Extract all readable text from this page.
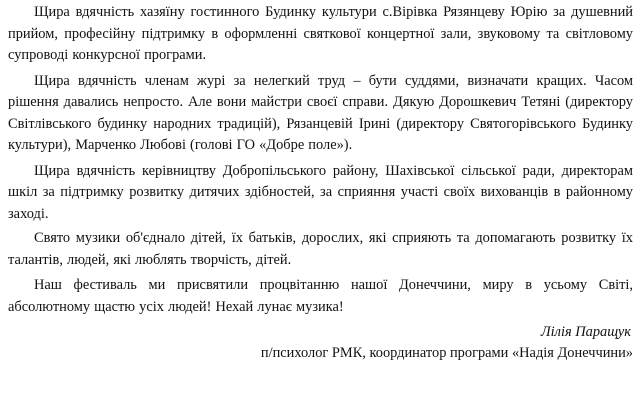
Щира вдячність хазяїну гостинного Будинку культури с.Вірівка Рязянцеву Юрію за душевний прийом, професійну підтримку в оформленні святкової концертної зали, звуковому та світловому супроводі конкурсної програми.

Щира вдячність членам журі за нелегкий труд – бути суддями, визначати кращих. Часом рішення давались непросто. Але вони майстри своєї справи. Дякую Дорошкевич Тетяні (директору Світлівського будинку народних традицій), Рязанцевій Ірині (директору Святогорівського Будинку культури), Марченко Любові (голові ГО «Добре поле»).

Щира вдячність керівництву Добропільського району, Шахівської сільської ради, директорам шкіл за підтримку розвитку дитячих здібностей, за сприяння участі своїх вихованців в районному заході.

Свято музики об'єднало дітей, їх батьків, дорослих, які сприяють та допомагають розвитку їх талантів, людей, які люблять творчість, дітей.

Наш фестиваль ми присвятили процвітанню нашої Донеччини, миру в усьому Світі, абсолютному щастю усіх людей! Нехай лунає музика!

Лілія Паращук

п/психолог РМК, координатор програми «Надія Донеччини»
